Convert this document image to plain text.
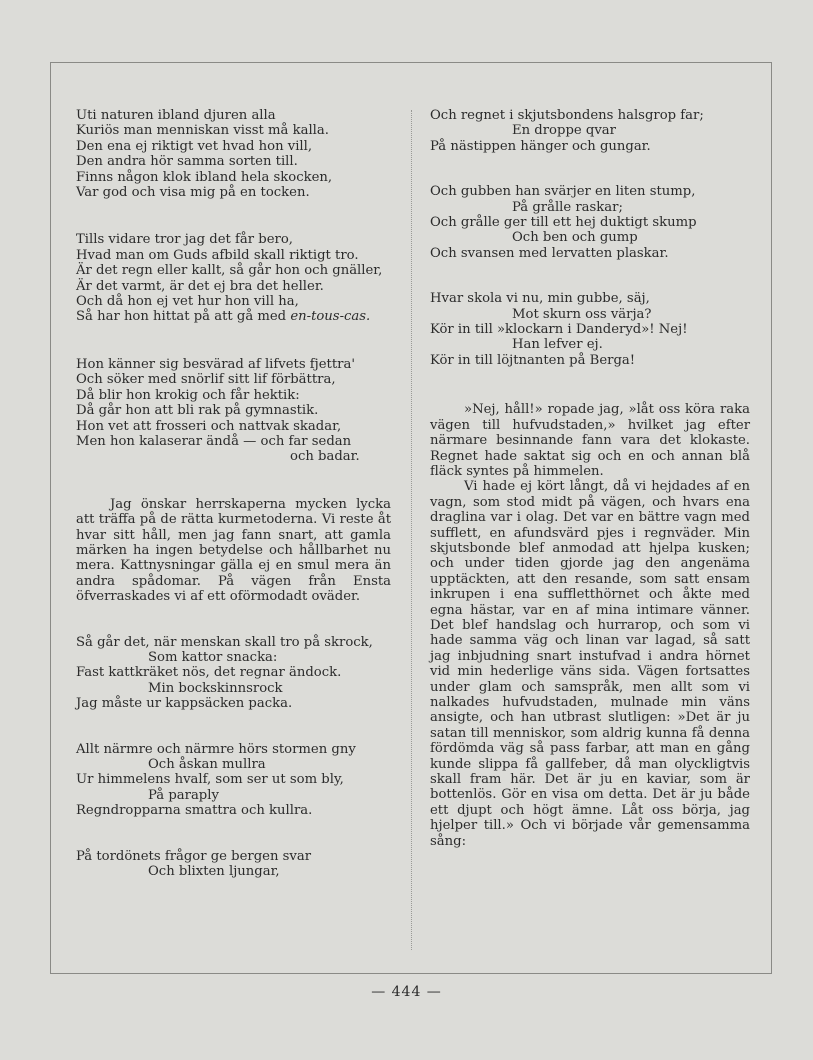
Uti naturen ibland djuren alla
Kuriös man menniskan visst må kalla.
Den ena ej riktigt vet hvad hon vill,
Den andra hör samma sorten till.
Finns någon klok ibland hela skocken,
Var god och visa mig på en tocken.
Tills vidare tror jag det får bero,
Hvad man om Guds afbild skall riktigt tro.
Är det regn eller kallt, så går hon och gnäller,
Är det varmt, är det ej bra det heller.
Och då hon ej vet hur hon vill ha,
Så har hon hittat på att gå med en-tous-cas.
Hon känner sig besvärad af lifvets fjettra'
Och söker med snörlif sitt lif förbättra,
Då blir hon krokig och får hektik:
Då går hon att bli rak på gymnastik.
Hon vet att frosseri och nattvak skadar,
Men hon kalaserar ändå — och far sedan
och badar.

Jag önskar herrskaperna mycken lycka att träffa på de rätta kurmetoderna. Vi reste åt hvar sitt håll, men jag fann snart, att gamla märken ha ingen betydelse och hållbarhet nu mera. Kattnysningar gälla ej en smul mera än andra spådomar. På vägen från Ensta öfverraskades vi af ett oförmodadt oväder.

Så går det, när menskan skall tro på skrock,
Som kattor snacka:
Fast kattkräket nös, det regnar ändock.
Min bockskinnsrock
Jag måste ur kappsäcken packa.
Allt närmre och närmre hörs stormen gny
Och åskan mullra
Ur himmelens hvalf, som ser ut som bly,
På paraply
Regndropparna smattra och kullra.
På tordönets frågor ge bergen svar
Och blixten ljungar,
Och regnet i skjutsbondens halsgrop far;
En droppe qvar
På nästippen hänger och gungar.
Och gubben han svärjer en liten stump,
På grålle raskar;
Och grålle ger till ett hej duktigt skump
Och ben och gump
Och svansen med lervatten plaskar.
Hvar skola vi nu, min gubbe, säj,
Mot skurn oss värja?
Kör in till »klockarn i Danderyd»! Nej!
Han lefver ej.
Kör in till löjtnanten på Berga!

»Nej, håll!» ropade jag, »låt oss köra raka vägen till hufvudstaden,» hvilket jag efter närmare besinnande fann vara det klokaste. Regnet hade saktat sig och en och annan blå fläck syntes på himmelen.

Vi hade ej kört långt, då vi hejdades af en vagn, som stod midt på vägen, och hvars ena draglina var i olag. Det var en bättre vagn med sufflett, en afundsvärd pjes i regnväder. Min skjutsbonde blef anmodad att hjelpa kusken; och under tiden gjorde jag den angenäma upptäckten, att den resande, som satt ensam inkrupen i ena suffletthörnet och åkte med egna hästar, var en af mina intimare vänner. Det blef handslag och hurrarop, och som vi hade samma väg och linan var lagad, så satt jag inbjudning snart instufvad i andra hörnet vid min hederlige väns sida. Vägen fortsattes under glam och samspråk, men allt som vi nalkades hufvudstaden, mulnade min väns ansigte, och han utbrast slutligen: »Det är ju satan till menniskor, som aldrig kunna få denna fördömda väg så pass farbar, att man en gång kunde slippa få gallfeber, då man olyckligtvis skall fram här. Det är ju en kaviar, som är bottenlös. Gör en visa om detta. Det är ju både ett djupt och högt ämne. Låt oss börja, jag hjelper till.» Och vi började vår gemensamma sång:

— 444 —
